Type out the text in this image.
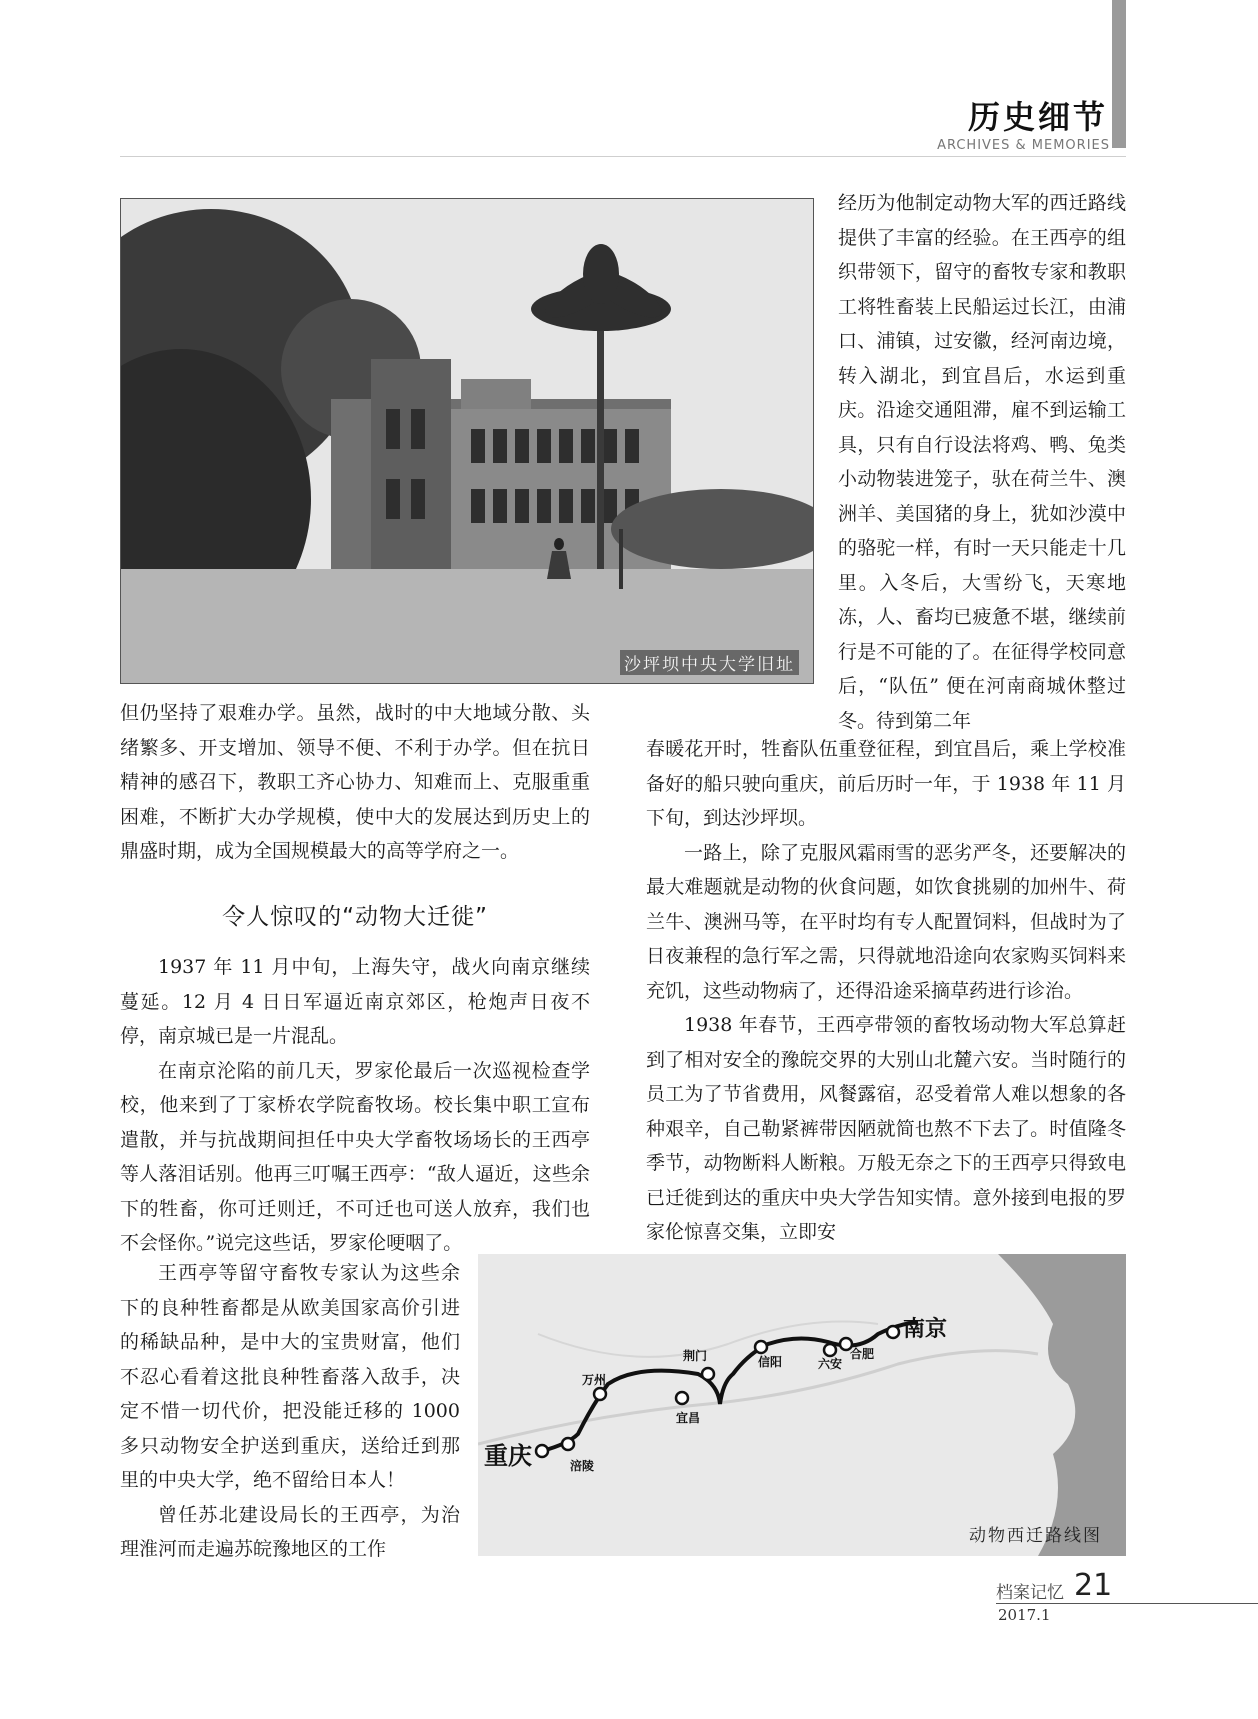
历史细节
ARCHIVES & MEMORIES
沙坪坝中央大学旧址

经历为他制定动物大军的西迁路线提供了丰富的经验。在王西亭的组织带领下，留守的畜牧专家和教职工将牲畜装上民船运过长江，由浦口、浦镇，过安徽，经河南边境，转入湖北，到宜昌后，水运到重庆。沿途交通阻滞，雇不到运输工具，只有自行设法将鸡、鸭、兔类小动物装进笼子，驮在荷兰牛、澳洲羊、美国猪的身上，犹如沙漠中的骆驼一样，有时一天只能走十几里。入冬后，大雪纷飞，天寒地冻，人、畜均已疲惫不堪，继续前行是不可能的了。在征得学校同意后，“队伍” 便在河南商城休整过冬。待到第二年

但仍坚持了艰难办学。虽然，战时的中大地域分散、头绪繁多、开支增加、领导不便、不利于办学。但在抗日精神的感召下，教职工齐心协力、知难而上、克服重重困难，不断扩大办学规模，使中大的发展达到历史上的鼎盛时期，成为全国规模最大的高等学府之一。

令人惊叹的“动物大迁徙”

1937 年 11 月中旬，上海失守，战火向南京继续蔓延。12 月 4 日日军逼近南京郊区，枪炮声日夜不停，南京城已是一片混乱。

在南京沦陷的前几天，罗家伦最后一次巡视检查学校，他来到了丁家桥农学院畜牧场。校长集中职工宣布遣散，并与抗战期间担任中央大学畜牧场场长的王西亭等人落泪话别。他再三叮嘱王西亭：“敌人逼近，这些余下的牲畜，你可迁则迁，不可迁也可送人放弃，我们也不会怪你。”说完这些话，罗家伦哽咽了。

王西亭等留守畜牧专家认为这些余下的良种牲畜都是从欧美国家高价引进的稀缺品种，是中大的宝贵财富，他们不忍心看着这批良种牲畜落入敌手，决定不惜一切代价，把没能迁移的 1000 多只动物安全护送到重庆，送给迁到那里的中央大学，绝不留给日本人！

曾任苏北建设局长的王西亭，为治理淮河而走遍苏皖豫地区的工作

春暖花开时，牲畜队伍重登征程，到宜昌后，乘上学校准备好的船只驶向重庆，前后历时一年，于 1938 年 11 月下旬，到达沙坪坝。

一路上，除了克服风霜雨雪的恶劣严冬，还要解决的最大难题就是动物的伙食问题，如饮食挑剔的加州牛、荷兰牛、澳洲马等，在平时均有专人配置饲料，但战时为了日夜兼程的急行军之需，只得就地沿途向农家购买饲料来充饥，这些动物病了，还得沿途采摘草药进行诊治。

1938 年春节，王西亭带领的畜牧场动物大军总算赶到了相对安全的豫皖交界的大别山北麓六安。当时随行的员工为了节省费用，风餐露宿，忍受着常人难以想象的各种艰辛，自己勒紧裤带因陋就简也熬不下去了。时值隆冬季节，动物断料人断粮。万般无奈之下的王西亭只得致电已迁徙到达的重庆中央大学告知实情。意外接到电报的罗家伦惊喜交集，立即安

南京
合肥
六安
信阳
荆门
宜昌
万州
涪陵
重庆
动物西迁路线图
档案记忆 21
2017.1
